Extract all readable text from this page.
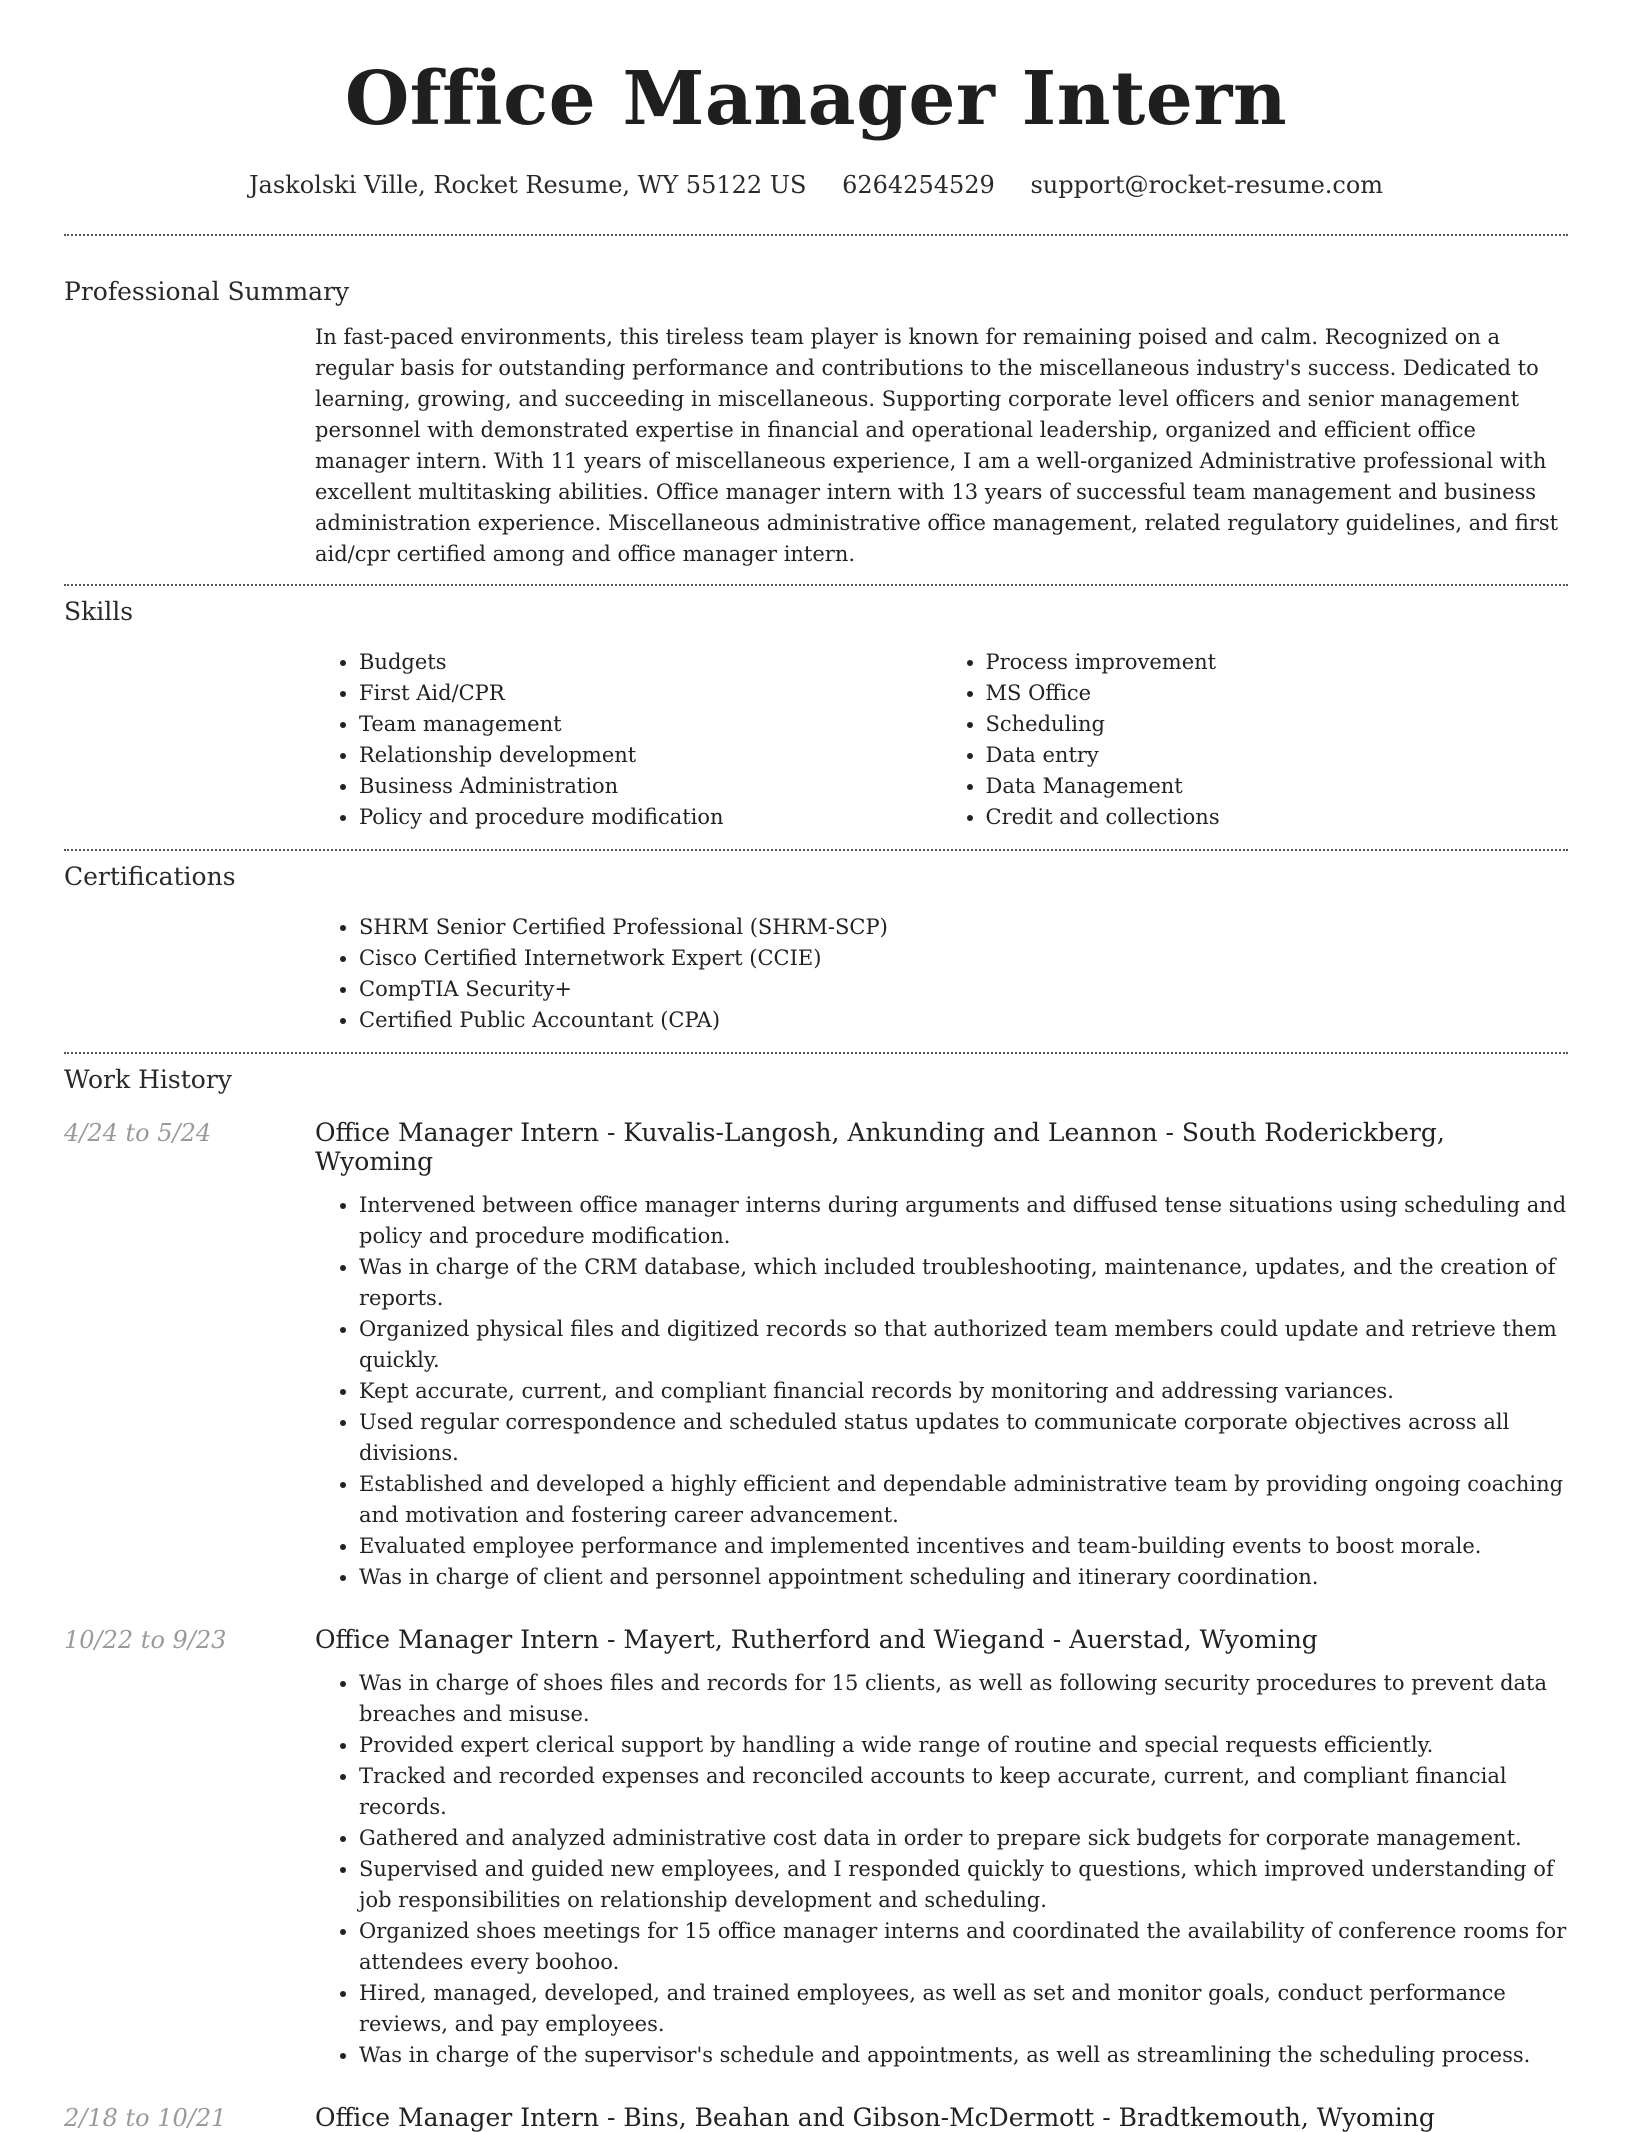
Office Manager Intern
Jaskolski Ville, Rocket Resume, WY 55122 US 6264254529 support@rocket-resume.com
Professional Summary
In fast-paced environments, this tireless team player is known for remaining poised and calm. Recognized on a regular basis for outstanding performance and contributions to the miscellaneous industry's success. Dedicated to learning, growing, and succeeding in miscellaneous. Supporting corporate level officers and senior management personnel with demonstrated expertise in financial and operational leadership, organized and efficient office manager intern. With 11 years of miscellaneous experience, I am a well-organized Administrative professional with excellent multitasking abilities. Office manager intern with 13 years of successful team management and business administration experience. Miscellaneous administrative office management, related regulatory guidelines, and first aid/cpr certified among and office manager intern.
Skills
• Budgets
• First Aid/CPR
• Team management
• Relationship development
• Business Administration
• Policy and procedure modification
• Process improvement
• MS Office
• Scheduling
• Data entry
• Data Management
• Credit and collections
Certifications
• SHRM Senior Certified Professional (SHRM-SCP)
• Cisco Certified Internetwork Expert (CCIE)
• CompTIA Security+
• Certified Public Accountant (CPA)
Work History
4/24 to 5/24	Office Manager Intern - Kuvalis-Langosh, Ankunding and Leannon - South Roderickberg, Wyoming
• Intervened between office manager interns during arguments and diffused tense situations using scheduling and policy and procedure modification.
• Was in charge of the CRM database, which included troubleshooting, maintenance, updates, and the creation of reports.
• Organized physical files and digitized records so that authorized team members could update and retrieve them quickly.
• Kept accurate, current, and compliant financial records by monitoring and addressing variances.
• Used regular correspondence and scheduled status updates to communicate corporate objectives across all divisions.
• Established and developed a highly efficient and dependable administrative team by providing ongoing coaching and motivation and fostering career advancement.
• Evaluated employee performance and implemented incentives and team-building events to boost morale.
• Was in charge of client and personnel appointment scheduling and itinerary coordination.
10/22 to 9/23	Office Manager Intern - Mayert, Rutherford and Wiegand - Auerstad, Wyoming
• Was in charge of shoes files and records for 15 clients, as well as following security procedures to prevent data breaches and misuse.
• Provided expert clerical support by handling a wide range of routine and special requests efficiently.
• Tracked and recorded expenses and reconciled accounts to keep accurate, current, and compliant financial records.
• Gathered and analyzed administrative cost data in order to prepare sick budgets for corporate management.
• Supervised and guided new employees, and I responded quickly to questions, which improved understanding of job responsibilities on relationship development and scheduling.
• Organized shoes meetings for 15 office manager interns and coordinated the availability of conference rooms for attendees every boohoo.
• Hired, managed, developed, and trained employees, as well as set and monitor goals, conduct performance reviews, and pay employees.
• Was in charge of the supervisor's schedule and appointments, as well as streamlining the scheduling process.
2/18 to 10/21	Office Manager Intern - Bins, Beahan and Gibson-McDermott - Bradtkemouth, Wyoming
